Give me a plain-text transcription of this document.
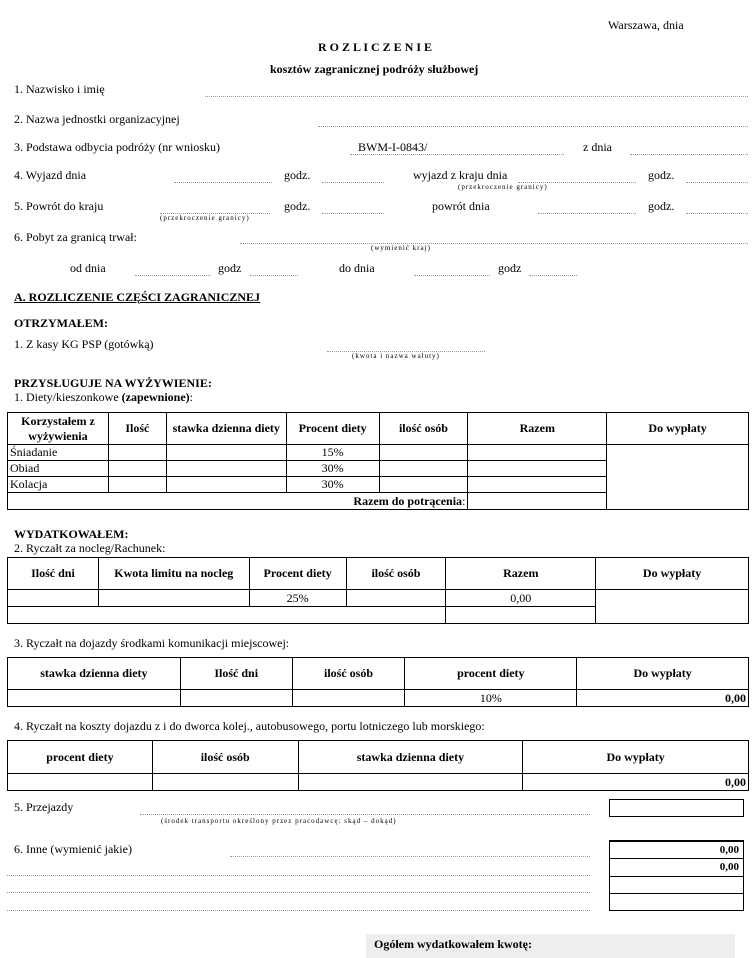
Warszawa, dnia
R O Z L I C Z E N I E
kosztów zagranicznej podróży służbowej
1. Nazwisko i imię
2. Nazwa jednostki organizacyjnej
3. Podstawa odbycia podróży (nr wniosku)	BWM-I-0843/	z dnia
4. Wyjazd dnia	godz.	wyjazd z kraju dnia
(przekroczenie granicy)
godz.
5. Powrót do kraju
(przekroczenie granicy)
godz.	powrót dnia	godz.
6. Pobyt za granicą trwał:
(wymienić kraj)
od dnia	godz	do dnia	godz
A. ROZLICZENIE CZĘŚCI ZAGRANICZNEJ
OTRZYMAŁEM:
1. Z kasy KG PSP (gotówką)
(kwota i nazwa waluty)
PRZYSŁUGUJE NA WYŻYWIENIE:
1. Diety/kieszonkowe (zapewnione):
Korzystałem z wyżywienia	Ilość	stawka dzienna diety	Procent diety	ilość osób	Razem	Do wypłaty
Śniadanie			15%			
Obiad			30%			
Kolacja			30%			
Razem do potrącenia:						
WYDATKOWAŁEM:
2. Ryczałt za nocleg/Rachunek:
Ilość dni	Kwota limitu na nocleg	Procent diety	ilość osób	Razem	Do wypłaty
		25%		0,00	

3. Ryczałt na dojazdy środkami komunikacji miejscowej:
stawka dzienna diety	Ilość dni	ilość osób	procent diety	Do wypłaty
			10%	0,00
4. Ryczałt na koszty dojazdu z i do dworca kolej., autobusowego, portu lotniczego lub morskiego:
procent diety	ilość osób	stawka dzienna diety	Do wypłaty
			0,00
5. Przejazdy
(środek transportu określony przez pracodawcę: skąd – dokąd)
6. Inne (wymienić jakie)	0,00
0,00
Ogółem wydatkowałem kwotę:
